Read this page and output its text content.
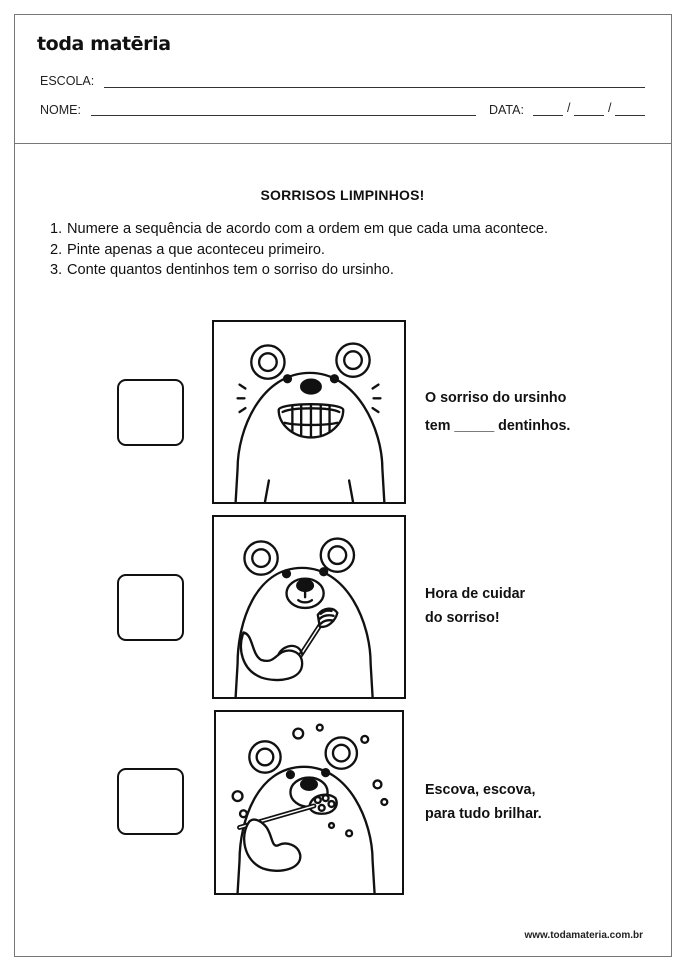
toda matēria
ESCOLA:
NOME:	DATA:	/	/
SORRISOS LIMPINHOS!
1. Numere a sequência de acordo com a ordem em que cada uma acontece.
2. Pinte apenas a que aconteceu primeiro.
3. Conte quantos dentinhos tem o sorriso do ursinho.
O sorriso do ursinho
tem _____ dentinhos.
Hora de cuidar
do sorriso!
Escova, escova,
para tudo brilhar.
www.todamateria.com.br
